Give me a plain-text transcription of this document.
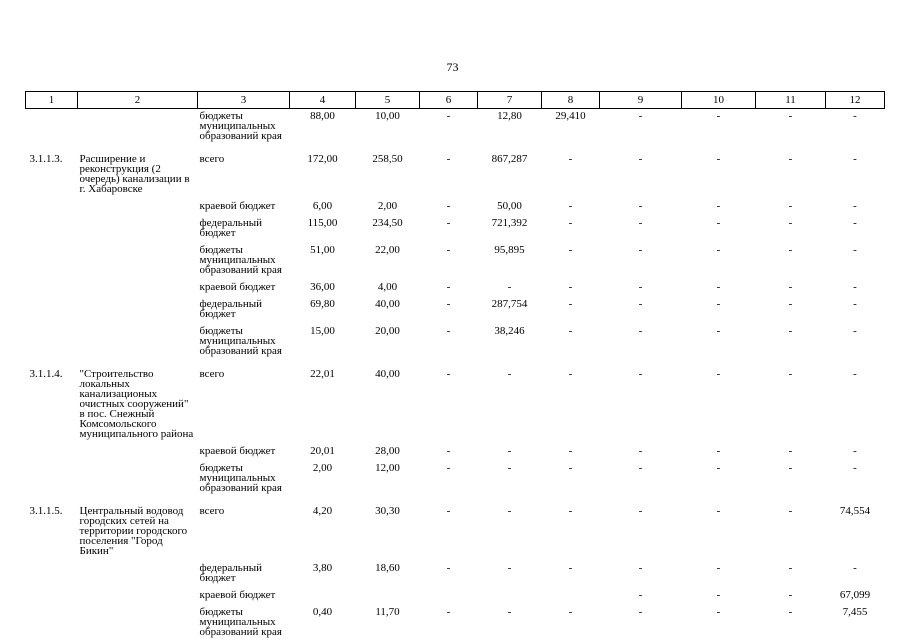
73
1	2	3	4	5	6	7	8	9	10	11	12
		бюджеты муниципальных образований края	88,00	10,00	-	12,80	29,410	-	-	-	-
3.1.1.3.	Расширение и реконструкция (2 очередь) канализации в г. Хабаровске	всего	172,00	258,50	-	867,287	-	-	-	-	-
		краевой бюджет	6,00	2,00	-	50,00	-	-	-	-	-
		федеральный бюджет	115,00	234,50	-	721,392	-	-	-	-	-
		бюджеты муниципальных образований края	51,00	22,00	-	95,895	-	-	-	-	-
		краевой бюджет	36,00	4,00	-	-	-	-	-	-	-
		федеральный бюджет	69,80	40,00	-	287,754	-	-	-	-	-
		бюджеты муниципальных образований края	15,00	20,00	-	38,246	-	-	-	-	-
3.1.1.4.	"Строительство локальных канализационых очистных сооружений" в пос. Снежный Комсомольского муниципального района	всего	22,01	40,00	-	-	-	-	-	-	-
		краевой бюджет	20,01	28,00	-	-	-	-	-	-	-
		бюджеты муниципальных образований края	2,00	12,00	-	-	-	-	-	-	-
3.1.1.5.	Центральный водовод городских сетей на территории городского поселения "Город Бикин"	всего	4,20	30,30	-	-	-	-	-	-	74,554
		федеральный бюджет	3,80	18,60	-	-	-	-	-	-	-
		краевой бюджет						-	-	-	67,099
		бюджеты муниципальных образований края	0,40	11,70	-	-	-	-	-	-	7,455
